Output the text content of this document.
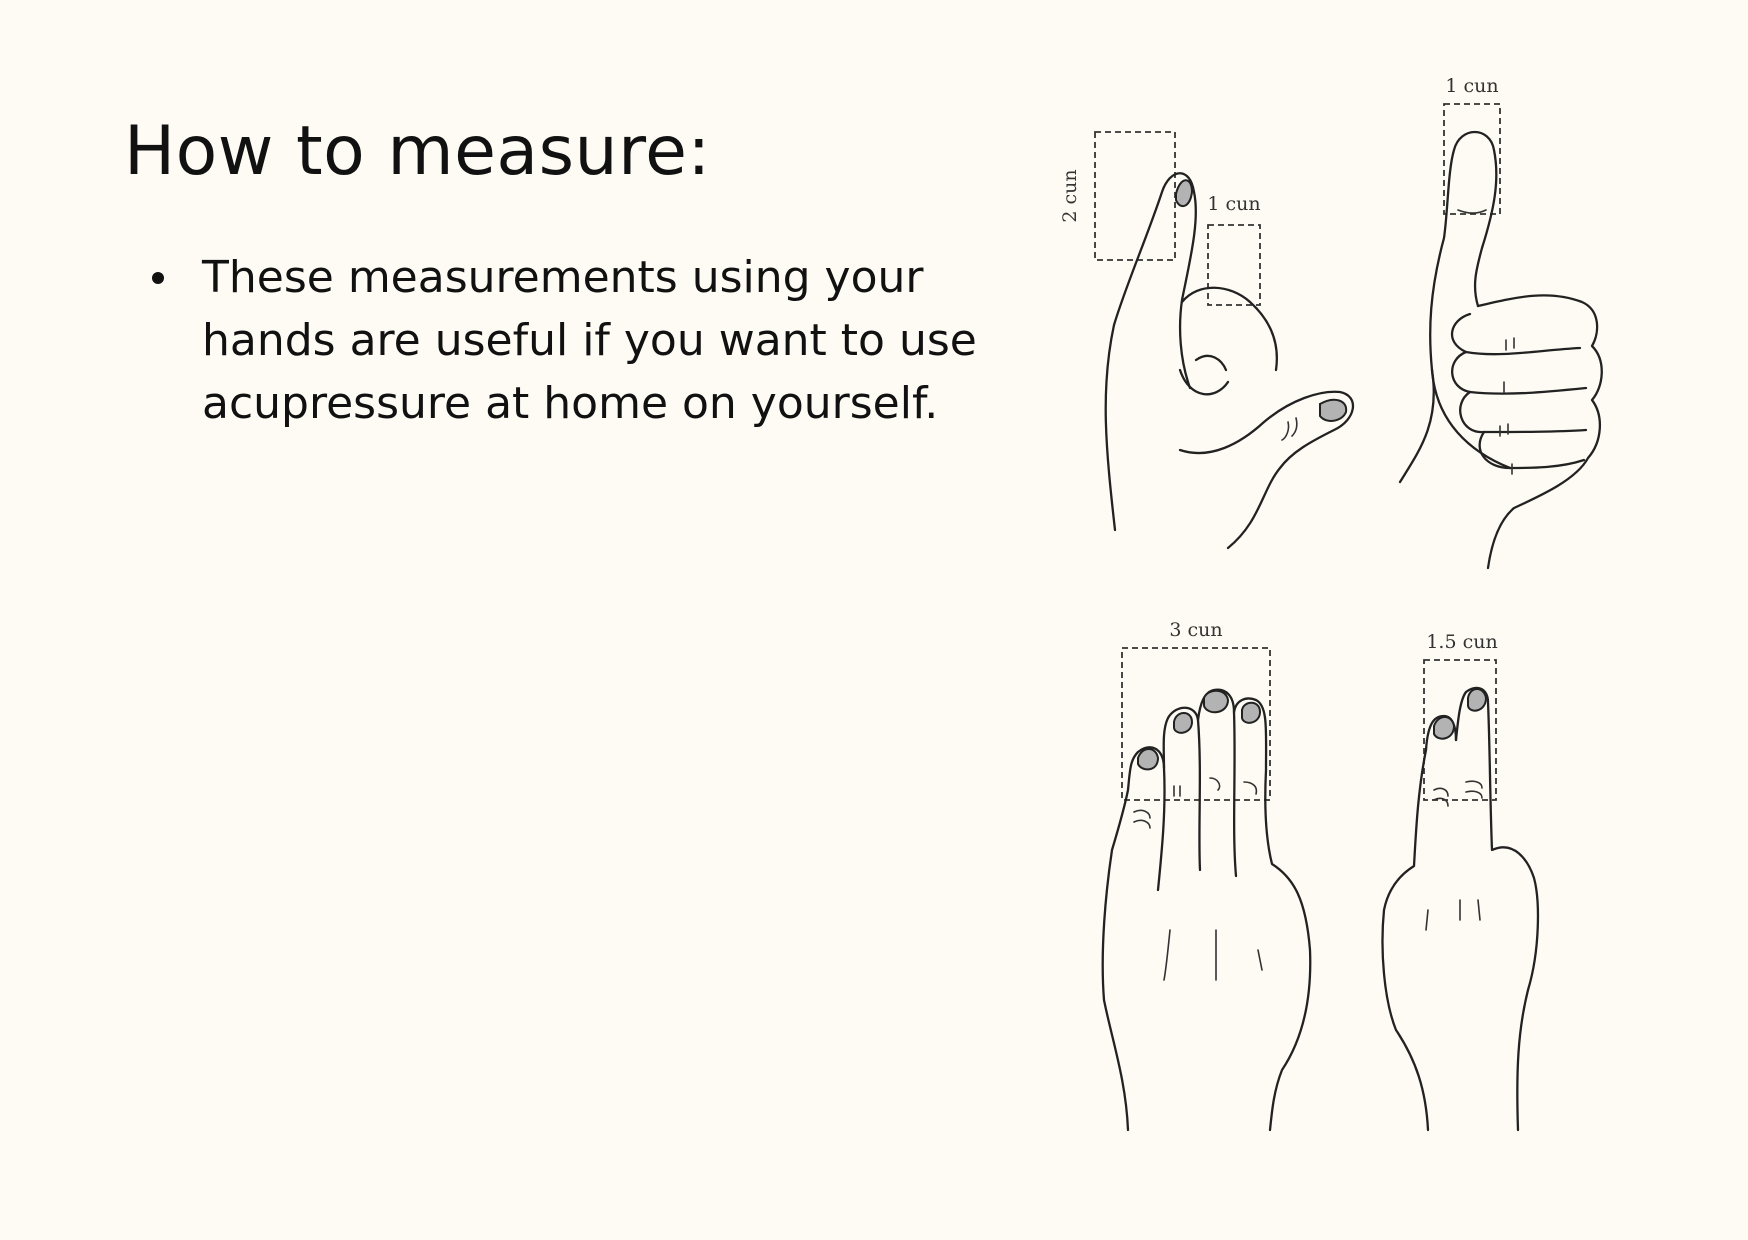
How to measure:
These measurements using your hands are useful if you want to use acupressure at home on yourself.
2 cun	1 cun
1 cun
3 cun
1.5 cun
